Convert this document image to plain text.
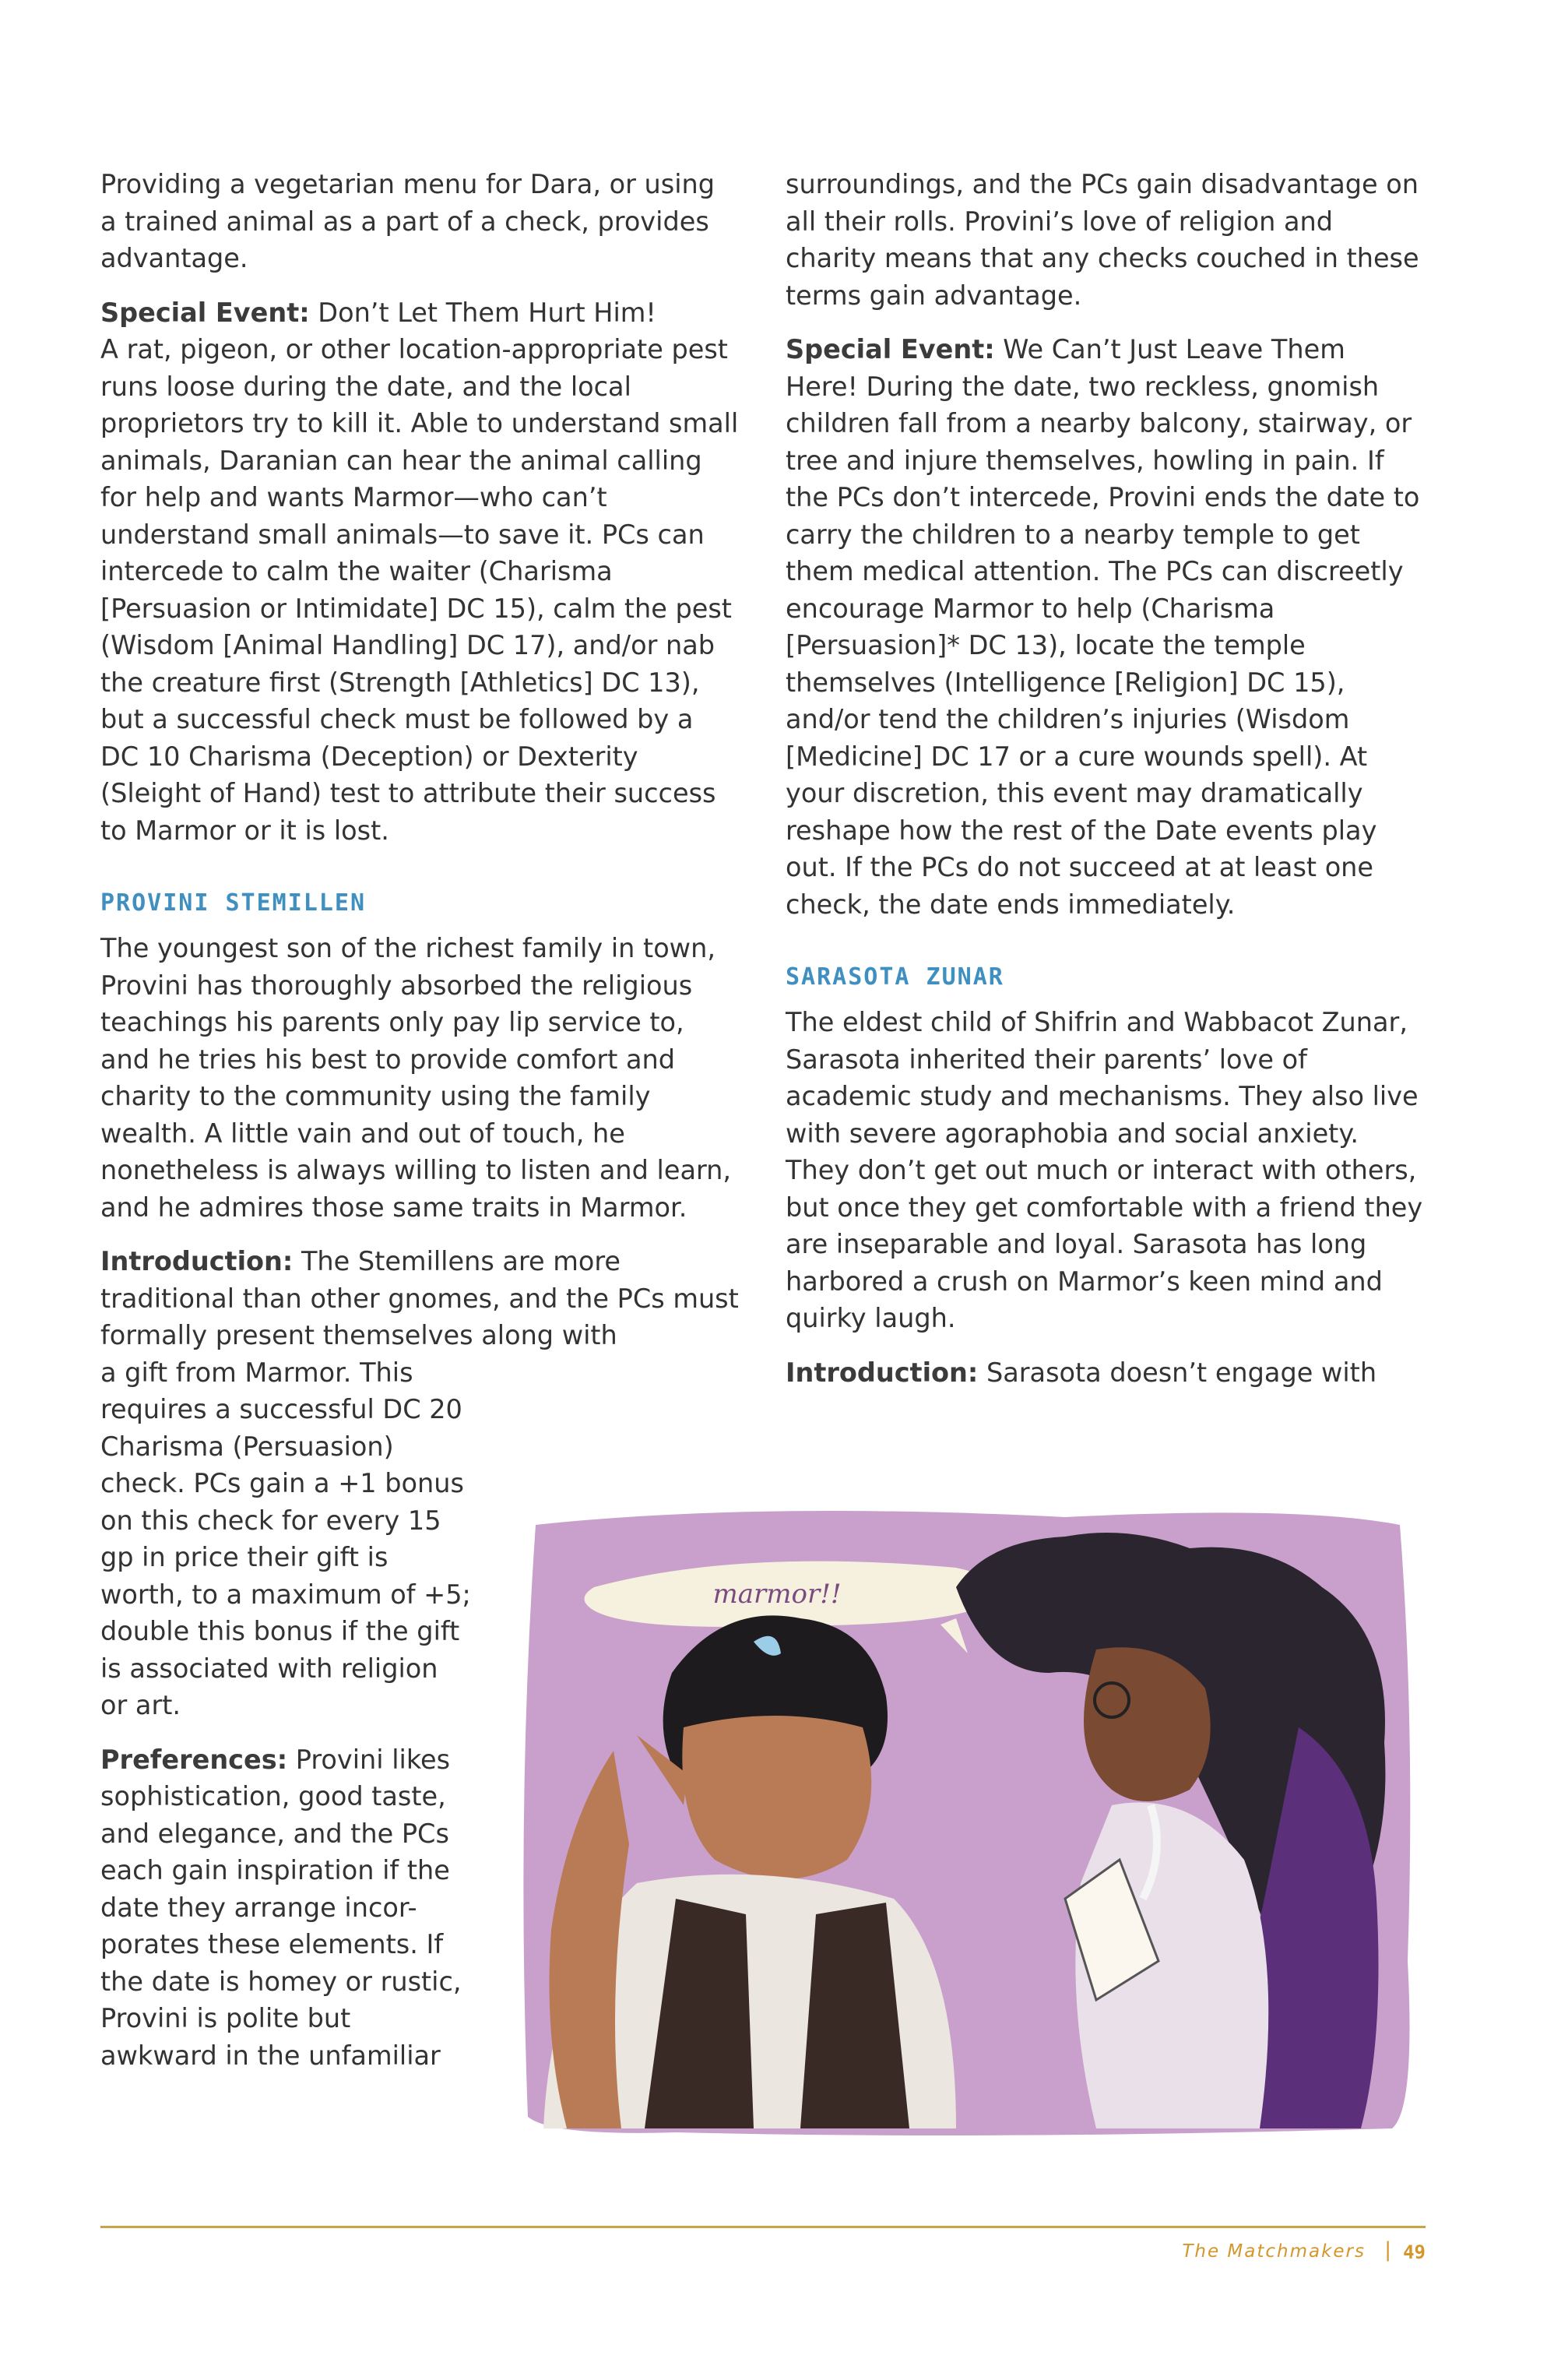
Providing a vegetarian menu for Dara, or using a trained animal as a part of a check, provides advantage.

Special Event: Don’t Let Them Hurt Him!
A rat, pigeon, or other location-appropriate pest runs loose during the date, and the local proprietors try to kill it. Able to understand small animals, Daranian can hear the animal calling for help and wants Marmor—who can’t understand small animals—to save it. PCs can intercede to calm the waiter (Charisma [Persuasion or Intimidate] DC 15), calm the pest (Wisdom [Animal Handling] DC 17), and/or nab the creature first (Strength [Athletics] DC 13), but a successful check must be followed by a DC 10 Charisma (Deception) or Dexterity (Sleight of Hand) test to attribute their success to Marmor or it is lost.

PROVINI STEMILLEN

The youngest son of the richest family in town, Provini has thoroughly absorbed the religious teachings his parents only pay lip service to, and he tries his best to provide comfort and charity to the community using the family wealth. A little vain and out of touch, he nonetheless is always willing to listen and learn, and he admires those same traits in Marmor.

Introduction: The Stemillens are more traditional than other gnomes, and the PCs must formally present themselves along with

a gift from Marmor. This requires a successful DC 20 Charisma (Persuasion) check. PCs gain a +1 bonus on this check for every 15 gp in price their gift is worth, to a maximum of +5; double this bonus if the gift is associated with religion or art.

Preferences: Provini likes sophistication, good taste, and elegance, and the PCs each gain inspiration if the date they arrange incor-porates these elements. If the date is homey or rustic, Provini is polite but awkward in the unfamiliar

surroundings, and the PCs gain disadvantage on all their rolls. Provini’s love of religion and charity means that any checks couched in these terms gain advantage.

Special Event: We Can’t Just Leave Them Here! During the date, two reckless, gnomish children fall from a nearby balcony, stairway, or tree and injure themselves, howling in pain. If the PCs don’t intercede, Provini ends the date to carry the children to a nearby temple to get them medical attention. The PCs can discreetly encourage Marmor to help (Charisma [Persuasion]* DC 13), locate the temple themselves (Intelligence [Religion] DC 15), and/or tend the children’s injuries (Wisdom [Medicine] DC 17 or a cure wounds spell). At your discretion, this event may dramatically reshape how the rest of the Date events play out. If the PCs do not succeed at at least one check, the date ends immediately.

SARASOTA ZUNAR

The eldest child of Shifrin and Wabbacot Zunar, Sarasota inherited their parents’ love of academic study and mechanisms. They also live with severe agoraphobia and social anxiety. They don’t get out much or interact with others, but once they get comfortable with a friend they are inseparable and loyal. Sarasota has long harbored a crush on Marmor’s keen mind and quirky laugh.

Introduction: Sarasota doesn’t engage with

marmor!!
The Matchmakers | 49
